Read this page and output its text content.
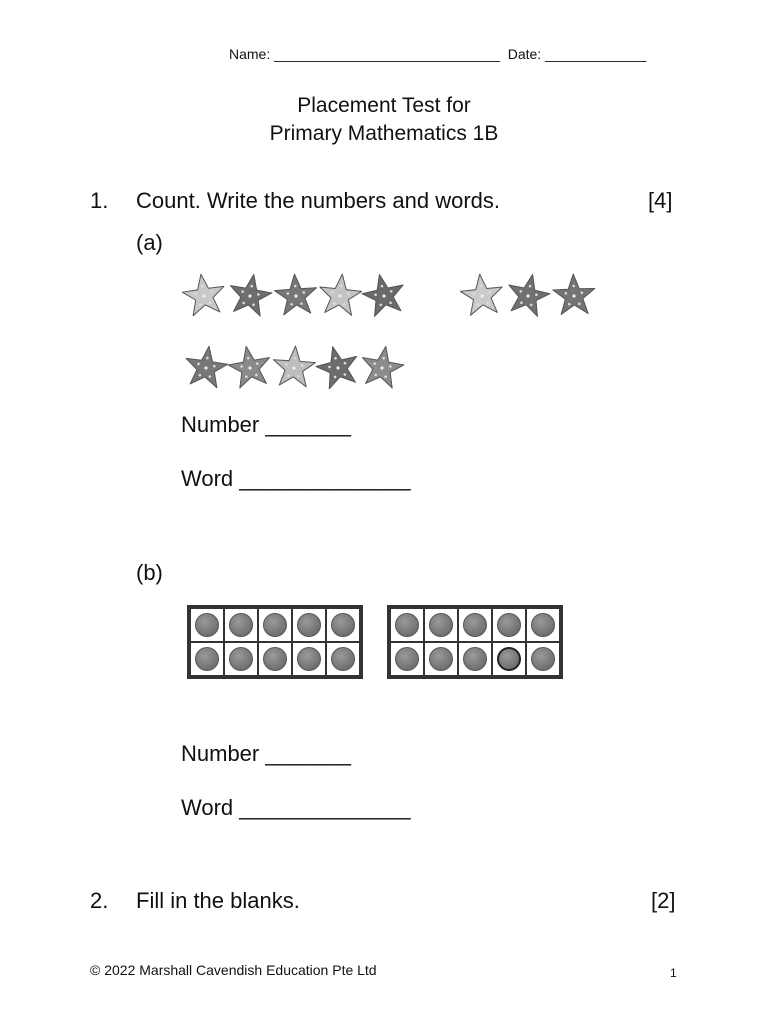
Name: _____________________________ Date: _____________
Placement Test for
Primary Mathematics 1B
1. Count. Write the numbers and words.	[4]
(a)
Number _______
Word ______________
(b)
Number _______
Word ______________
2. Fill in the blanks.	[2]
© 2022 Marshall Cavendish Education Pte Ltd	1
